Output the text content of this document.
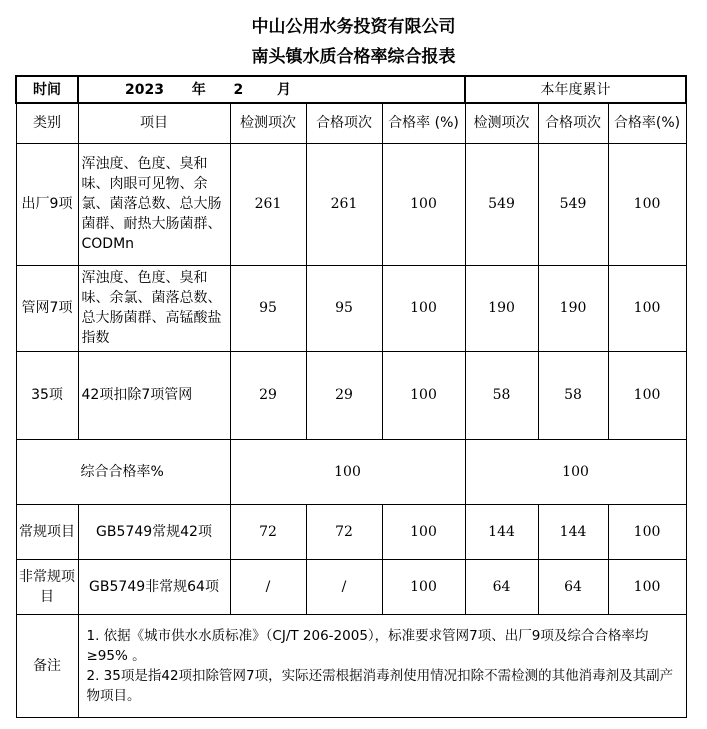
中山公用水务投资有限公司
南头镇水质合格率综合报表
时间	2023 年 2 月				本年度累计		
类别	项目	检测项次	合格项次	合格率 (%)	检测项次	合格项次	合格率(%)
出厂9项	浑浊度、色度、臭和味、肉眼可见物、余氯、菌落总数、总大肠菌群、耐热大肠菌群、CODMn	261	261	100	549	549	100
管网7项	浑浊度、色度、臭和味、余氯、菌落总数、总大肠菌群、高锰酸盐指数	95	95	100	190	190	100
35项	42项扣除7项管网	29	29	100	58	58	100
综合合格率%		100			100		
常规项目	GB5749常规42项	72	72	100	144	144	100
非常规项目	GB5749非常规64项	/	/	100	64	64	100
备注	1. 依据《城市供水水质标准》（CJ/T 206-2005），标准要求管网7项、出厂9项及综合合格率均≥95% 。

2. 35项是指42项扣除管网7项，实际还需根据消毒剂使用情况扣除不需检测的其他消毒剂及其副产物项目。						
